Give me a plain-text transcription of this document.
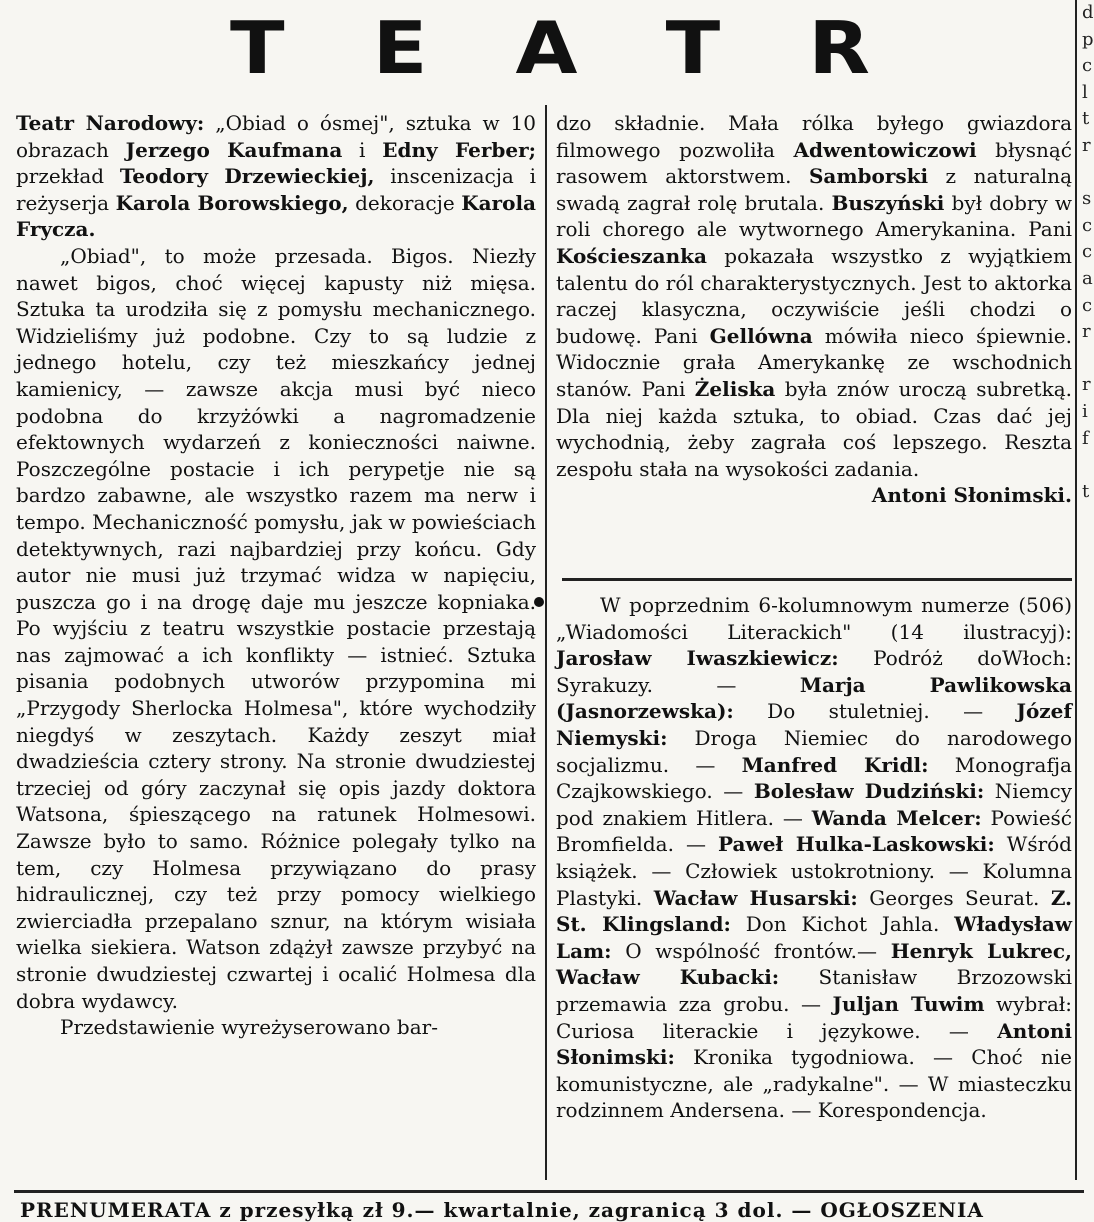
T E A T R

Teatr Narodowy: „Obiad o ósmej", sztuka w 10 obrazach Jerzego Kaufmana i Edny Ferber; przekład Teodory Drzewieckiej, inscenizacja i reżyserja Karola Borowskiego, dekoracje Karola Frycza.

„Obiad", to może przesada. Bigos. Niezły nawet bigos, choć więcej kapusty niż mięsa. Sztuka ta urodziła się z pomysłu mechanicznego. Widzieliśmy już podobne. Czy to są ludzie z jednego hotelu, czy też mieszkańcy jednej kamienicy, — zawsze akcja musi być nieco podobna do krzyżówki a nagromadzenie efektownych wydarzeń z konieczności naiwne. Poszczególne postacie i ich perypetje nie są bardzo zabawne, ale wszystko razem ma nerw i tempo. Mechaniczność pomysłu, jak w powieściach detektywnych, razi najbardziej przy końcu. Gdy autor nie musi już trzymać widza w napięciu, puszcza go i na drogę daje mu jeszcze kopniaka. Po wyjściu z teatru wszystkie postacie przestają nas zajmować a ich konflikty — istnieć. Sztuka pisania podobnych utworów przypomina mi „Przygody Sherlocka Holmesa", które wychodziły niegdyś w zeszytach. Każdy zeszyt miał dwadzieścia cztery strony. Na stronie dwudziestej trzeciej od góry zaczynał się opis jazdy doktora Watsona, śpieszącego na ratunek Holmesowi. Zawsze było to samo. Różnice polegały tylko na tem, czy Holmesa przywiązano do prasy hidraulicznej, czy też przy pomocy wielkiego zwierciadła przepalano sznur, na którym wisiała wielka siekiera. Watson zdążył zawsze przybyć na stronie dwudziestej czwartej i ocalić Holmesa dla dobra wydawcy.

Przedstawienie wyreżyserowano bar-

dzo składnie. Mała rólka byłego gwiazdora filmowego pozwoliła Adwentowiczowi błysnąć rasowem aktorstwem. Samborski z naturalną swadą zagrał rolę brutala. Buszyński był dobry w roli chorego ale wytwornego Amerykanina. Pani Kościeszanka pokazała wszystko z wyjątkiem talentu do ról charakterystycznych. Jest to aktorka raczej klasyczna, oczywiście jeśli chodzi o budowę. Pani Gellówna mówiła nieco śpiewnie. Widocznie grała Amerykankę ze wschodnich stanów. Pani Żeliska była znów uroczą subretką. Dla niej każda sztuka, to obiad. Czas dać jej wychodnią, żeby zagrała coś lepszego. Reszta zespołu stała na wysokości zadania.

Antoni Słonimski.

W poprzednim 6-kolumnowym numerze (506) „Wiadomości Literackich" (14 ilustracyj): Jarosław Iwaszkiewicz: Podróż doWłoch: Syrakuzy. — Marja Pawlikowska (Jasnorzewska): Do stuletniej. — Józef Niemyski: Droga Niemiec do narodowego socjalizmu. — Manfred Kridl: Monografja Czajkowskiego. — Bolesław Dudziński: Niemcy pod znakiem Hitlera. — Wanda Melcer: Powieść Bromfielda. — Paweł Hulka-Laskowski: Wśród książek. — Człowiek ustokrotniony. — Kolumna Plastyki. Wacław Husarski: Georges Seurat. Z. St. Klingsland: Don Kichot Jahla. Władysław Lam: O wspólność frontów.— Henryk Lukrec, Wacław Kubacki: Stanisław Brzozowski przemawia zza grobu. — Juljan Tuwim wybrał: Curiosa literackie i językowe. — Antoni Słonimski: Kronika tygodniowa. — Choć nie komunistyczne, ale „radykalne". — W miasteczku rodzinnem Andersena. — Korespondencja.

PRENUMERATA z przesyłką zł 9.— kwartalnie, zagranicą 3 dol. — OGŁOSZENIA
d
p
c
l
t
r
s
c
c
a
c
r
r
i
f
t
